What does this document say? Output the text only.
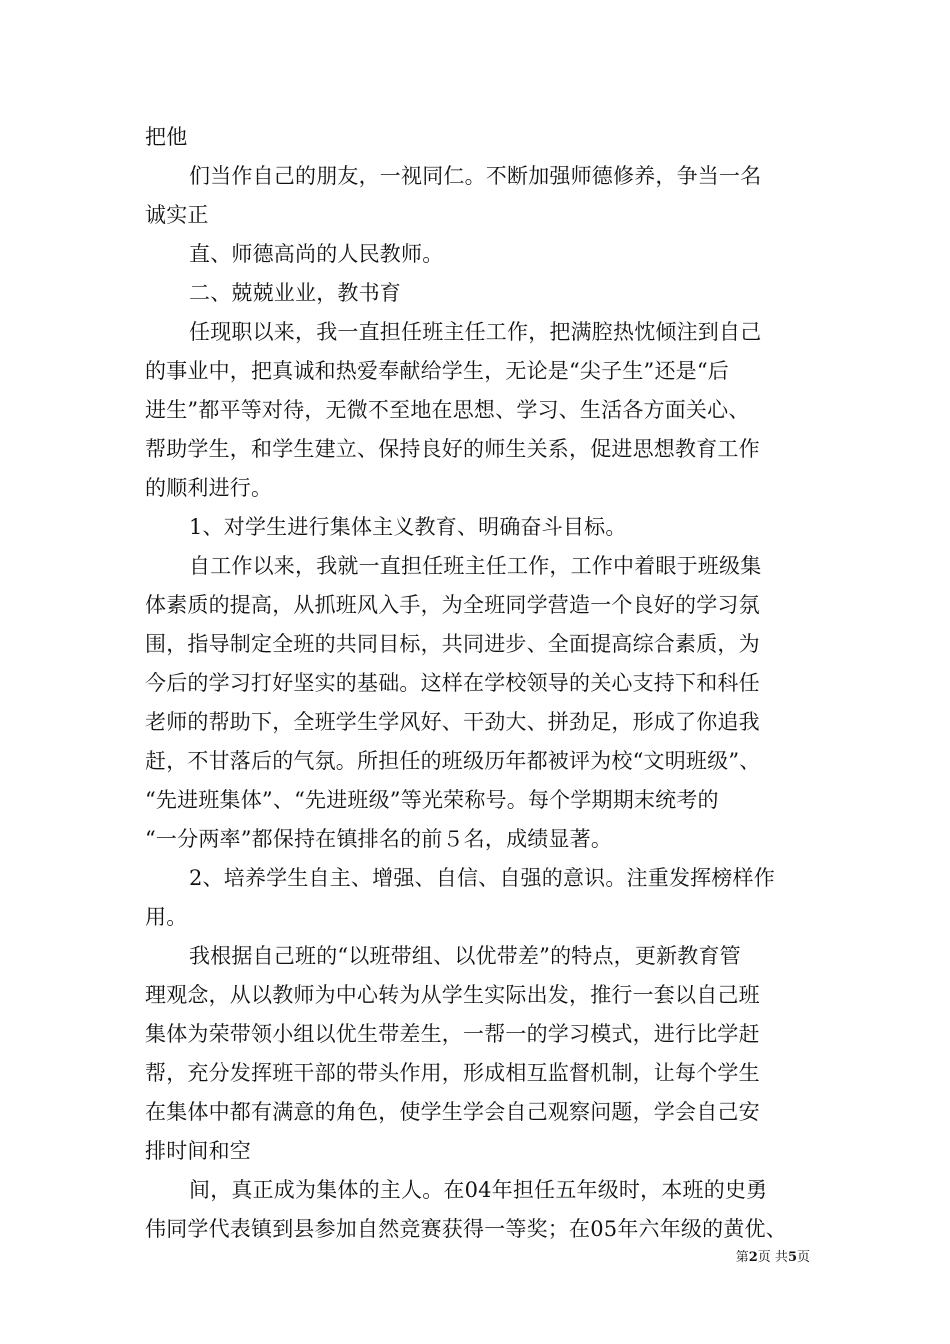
把他
们当作自己的朋友，一视同仁。不断加强师德修养，争当一名
诚实正
直、师德高尚的人民教师。
二、兢兢业业，教书育
任现职以来，我一直担任班主任工作，把满腔热忱倾注到自己
的事业中，把真诚和热爱奉献给学生，无论是“尖子生”还是“后
进生”都平等对待，无微不至地在思想、学习、生活各方面关心、
帮助学生，和学生建立、保持良好的师生关系，促进思想教育工作
的顺利进行。
1、对学生进行集体主义教育、明确奋斗目标。
自工作以来，我就一直担任班主任工作，工作中着眼于班级集
体素质的提高，从抓班风入手，为全班同学营造一个良好的学习氛
围，指导制定全班的共同目标，共同进步、全面提高综合素质，为
今后的学习打好坚实的基础。这样在学校领导的关心支持下和科任
老师的帮助下，全班学生学风好、干劲大、拼劲足，形成了你追我
赶，不甘落后的气氛。所担任的班级历年都被评为校“文明班级”、
“先进班集体”、“先进班级”等光荣称号。每个学期期末统考的
“一分两率”都保持在镇排名的前５名，成绩显著。
2、培养学生自主、增强、自信、自强的意识。注重发挥榜样作
用。
我根据自己班的“以班带组、以优带差”的特点，更新教育管
理观念，从以教师为中心转为从学生实际出发，推行一套以自己班
集体为荣带领小组以优生带差生，一帮一的学习模式，进行比学赶
帮，充分发挥班干部的带头作用，形成相互监督机制，让每个学生
在集体中都有满意的角色，使学生学会自己观察问题，学会自己安
排时间和空
间，真正成为集体的主人。在04年担任五年级时，本班的史勇
伟同学代表镇到县参加自然竞赛获得一等奖；在05年六年级的黄优、
第2页 共5页
